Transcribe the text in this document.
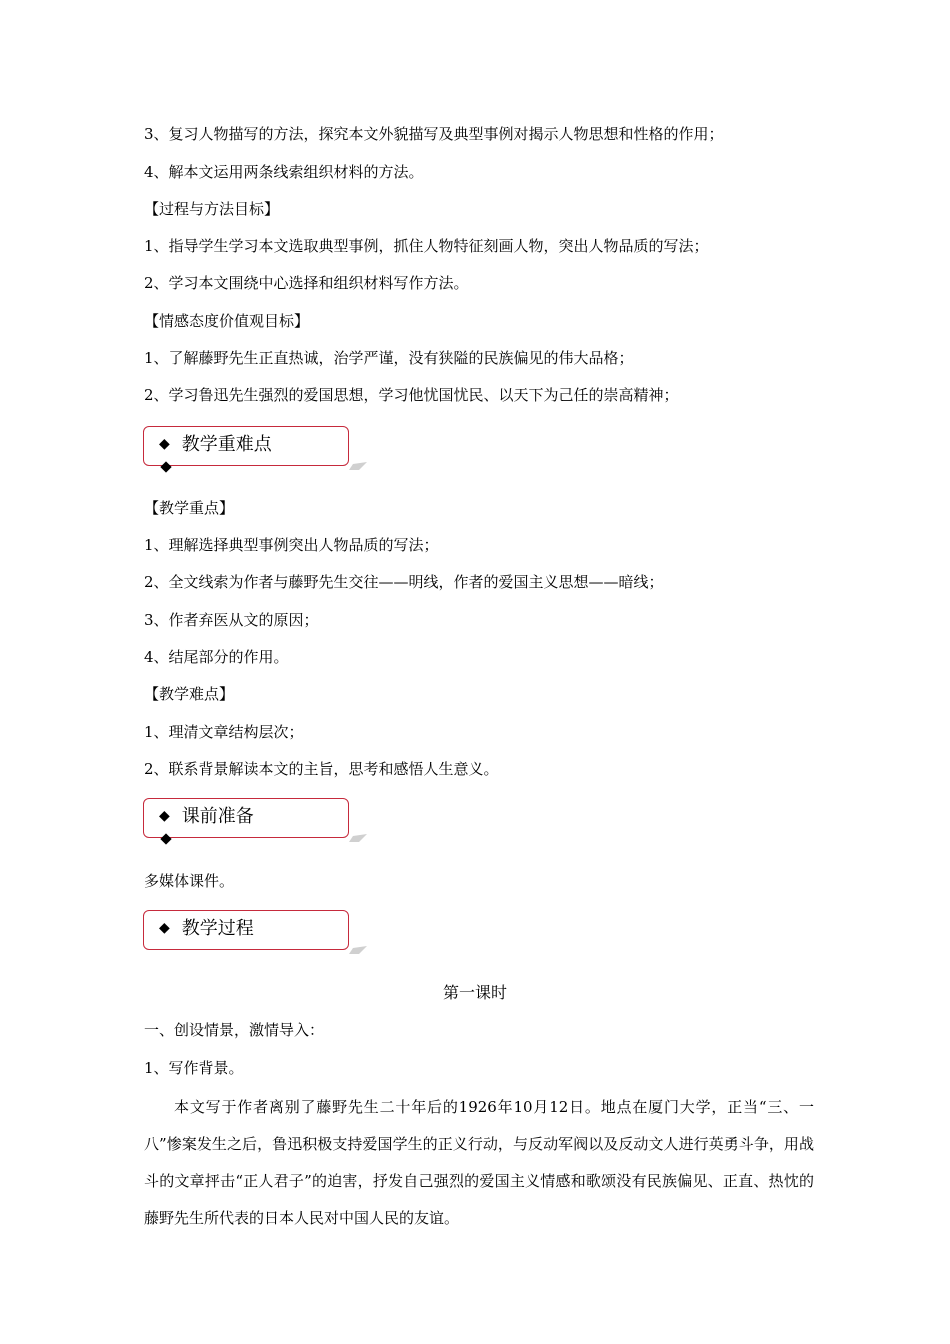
3、复习人物描写的方法，探究本文外貌描写及典型事例对揭示人物思想和性格的作用；

4、解本文运用两条线索组织材料的方法。

【过程与方法目标】

1、指导学生学习本文选取典型事例，抓住人物特征刻画人物，突出人物品质的写法；

2、学习本文围绕中心选择和组织材料写作方法。

【情感态度价值观目标】

1、了解藤野先生正直热诚，治学严谨，没有狭隘的民族偏见的伟大品格；

2、学习鲁迅先生强烈的爱国思想，学习他忧国忧民、以天下为己任的崇高精神；

◆ 教学重难点

【教学重点】

1、理解选择典型事例突出人物品质的写法；

2、全文线索为作者与藤野先生交往——明线，作者的爱国主义思想——暗线；

3、作者弃医从文的原因；

4、结尾部分的作用。

【教学难点】

1、理清文章结构层次；

2、联系背景解读本文的主旨，思考和感悟人生意义。

◆ 课前准备

多媒体课件。

◆ 教学过程
第一课时

一、创设情景，激情导入：

1、写作背景。

本文写于作者离别了藤野先生二十年后的1926年10月12日。地点在厦门大学，正当“三、一八”惨案发生之后，鲁迅积极支持爱国学生的正义行动，与反动军阀以及反动文人进行英勇斗争，用战斗的文章抨击“正人君子”的迫害，抒发自己强烈的爱国主义情感和歌颂没有民族偏见、正直、热忱的藤野先生所代表的日本人民对中国人民的友谊。
